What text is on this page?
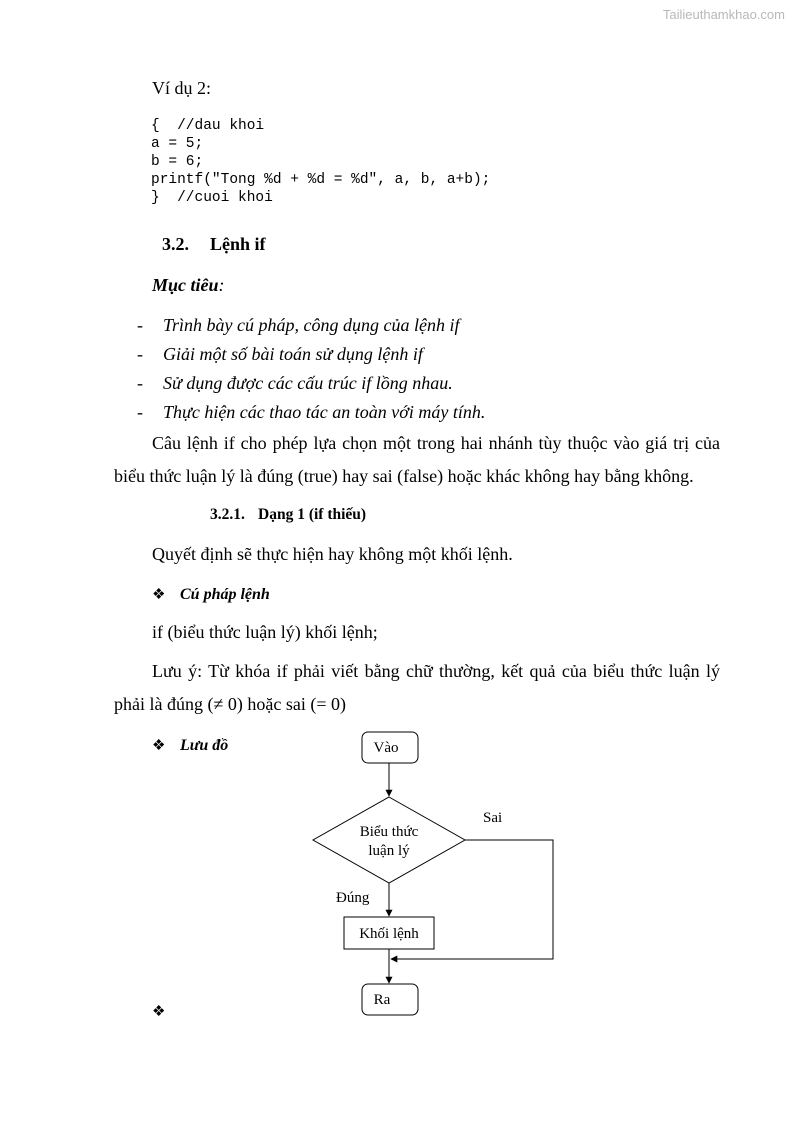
Tailieuthamkhao.com
Ví dụ 2:
{  //dau khoi
a = 5;
b = 6;
printf("Tong %d + %d = %d", a, b, a+b);
}  //cuoi khoi
3.2. Lệnh if
Mục tiêu:
- Trình bày cú pháp, công dụng của lệnh if
- Giải một số bài toán sử dụng lệnh if
- Sử dụng được các cấu trúc if lồng nhau.
- Thực hiện các thao tác an toàn với máy tính.
Câu lệnh if cho phép lựa chọn một trong hai nhánh tùy thuộc vào giá trị của
biểu thức luận lý là đúng (true) hay sai (false) hoặc khác không hay bằng không.
3.2.1. Dạng 1 (if thiếu)
Quyết định sẽ thực hiện hay không một khối lệnh.
❖ Cú pháp lệnh
if (biểu thức luận lý) khối lệnh;
Lưu ý: Từ khóa if phải viết bằng chữ thường, kết quả của biểu thức luận lý
phải là đúng (≠ 0) hoặc sai (= 0)
❖ Lưu đồ	Vào
Biểu thức
luận lý
Sai
Đúng
Khối lệnh
Ra
❖
